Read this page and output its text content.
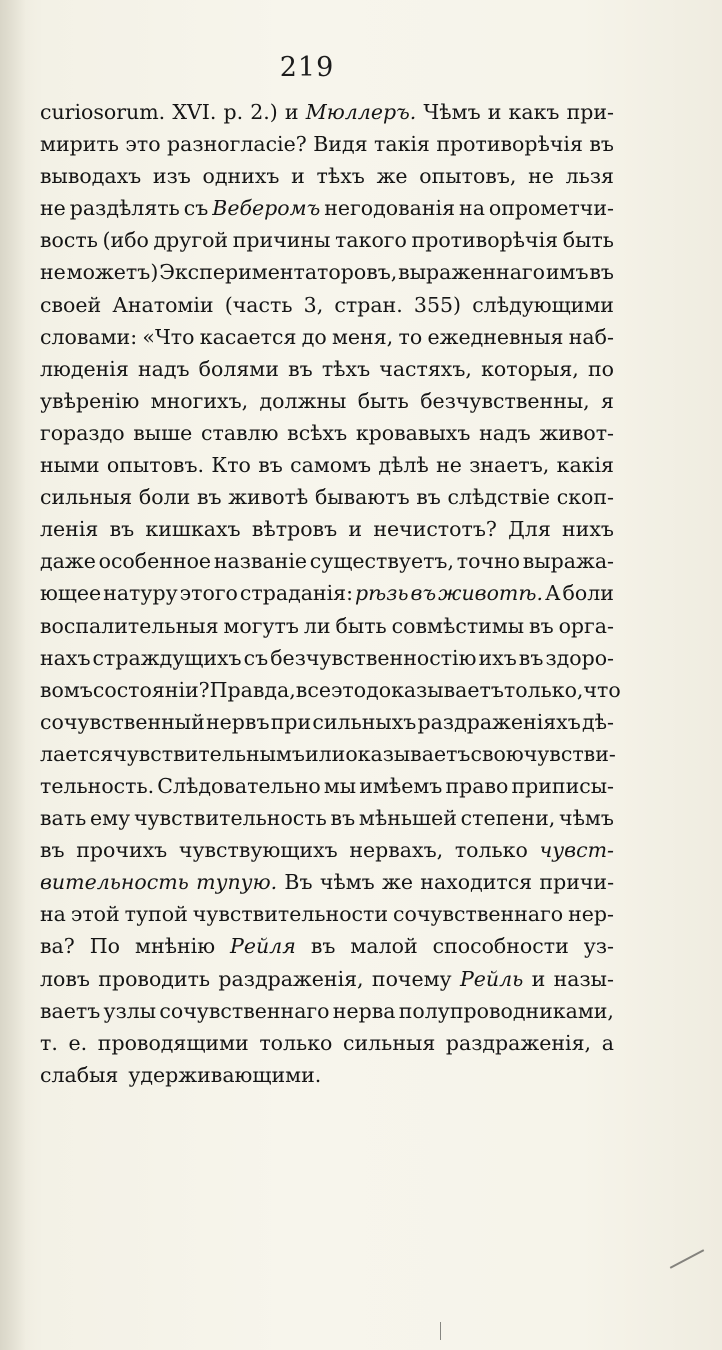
219
curiosorum. XVI. p. 2.) и Мюллеръ. Чѣмъ и какъ при-
мирить это разногласіе? Видя такія противорѣчія въ
выводахъ изъ однихъ и тѣхъ же опытовъ, не льзя
не раздѣлять съ Веберомъ негодованія на опрометчи-
вость (ибо другой причины такого противорѣчія быть
не можетъ) Экспериментаторовъ, выраженнаго имъ въ
своей Анатоміи (часть 3, стран. 355) слѣдующими
словами: «Что касается до меня, то ежедневныя наб-
люденія надъ болями въ тѣхъ частяхъ, которыя, по
увѣренію многихъ, должны быть безчувственны, я
гораздо выше ставлю всѣхъ кровавыхъ надъ живот-
ными опытовъ. Кто въ самомъ дѣлѣ не знаетъ, какія
сильныя боли въ животѣ бываютъ въ слѣдствіе скоп-
ленія въ кишкахъ вѣтровъ и нечистотъ? Для нихъ
даже особенное названіе существуетъ, точно выража-
ющее натуру этого страданія: рѣзь въ животѣ. А боли
воспалительныя могутъ ли быть совмѣстимы въ орга-
нахъ страждущихъ съ безчувственностію ихъ въ здоро-
вомъ состояніи? Правда, все это доказываетъ только, что
сочувственный нервъ при сильныхъ раздраженіяхъ дѣ-
лается чувствительнымъ или оказываетъ свою чувстви-
тельность. Слѣдовательно мы имѣемъ право приписы-
вать ему чувствительность въ мѣньшей степени, чѣмъ
въ прочихъ чувствующихъ нервахъ, только чувст-
вительность тупую. Въ чѣмъ же находится причи-
на этой тупой чувствительности сочувственнаго нер-
ва? По мнѣнію Рейля въ малой способности уз-
ловъ проводить раздраженія, почему Рейль и назы-
ваетъ узлы сочувственнаго нерва полупроводниками,
т. е. проводящими только сильныя раздраженія, а
слабыя удерживающими.
